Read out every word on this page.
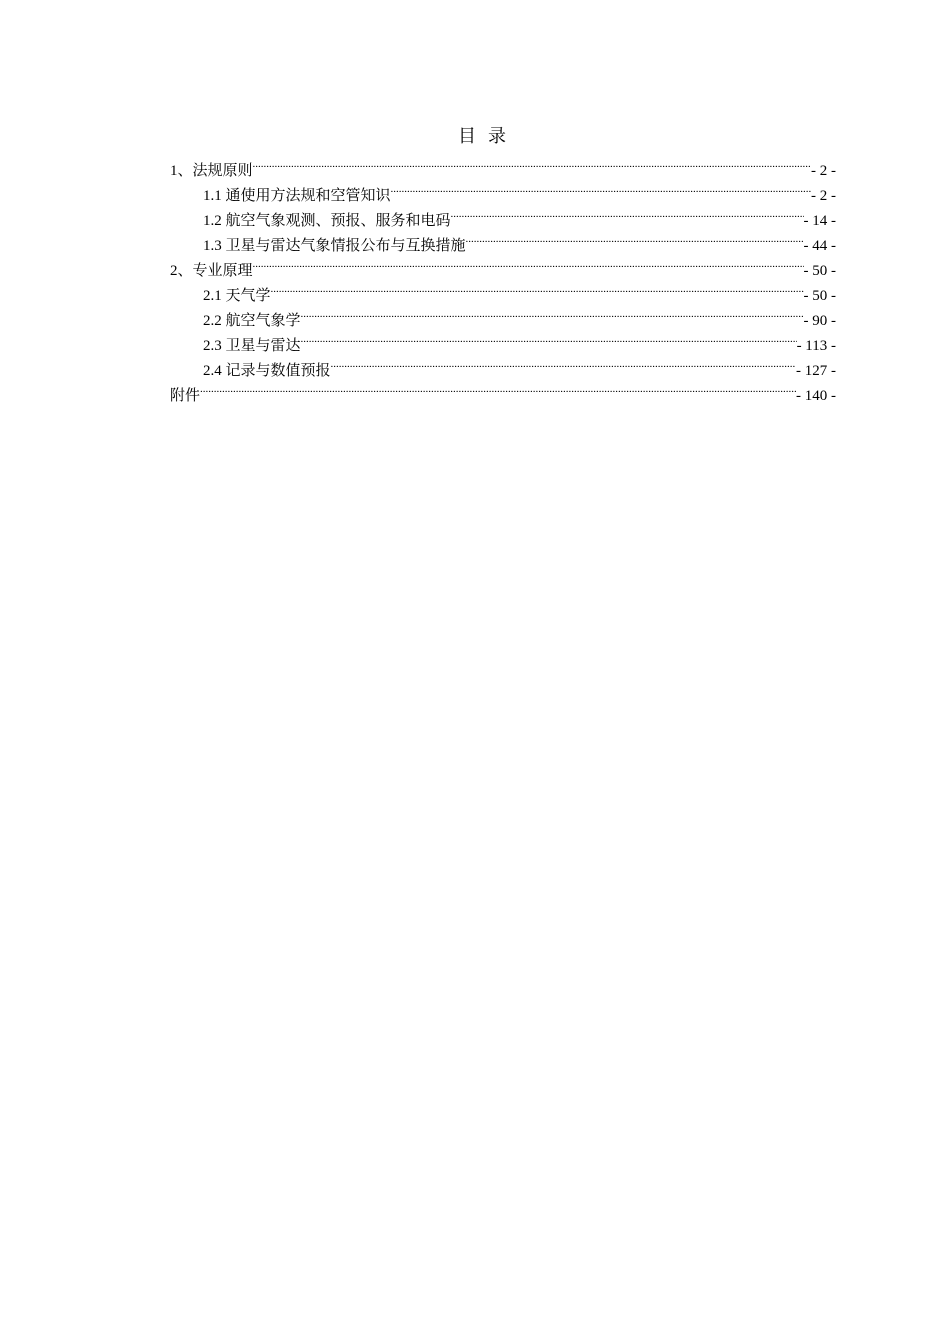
目录
1、法规原则 .....	- 2 -
1.1 通使用方法规和空管知识 .....	- 2 -
1.2 航空气象观测、预报、服务和电码 .....	- 14 -
1.3 卫星与雷达气象情报公布与互换措施 .....	- 44 -
2、专业原理 .....	- 50 -
2.1 天气学 .....	- 50 -
2.2 航空气象学 .....	- 90 -
2.3 卫星与雷达 .....	- 113 -
2.4 记录与数值预报 .....	- 127 -
附件 .....	- 140 -
